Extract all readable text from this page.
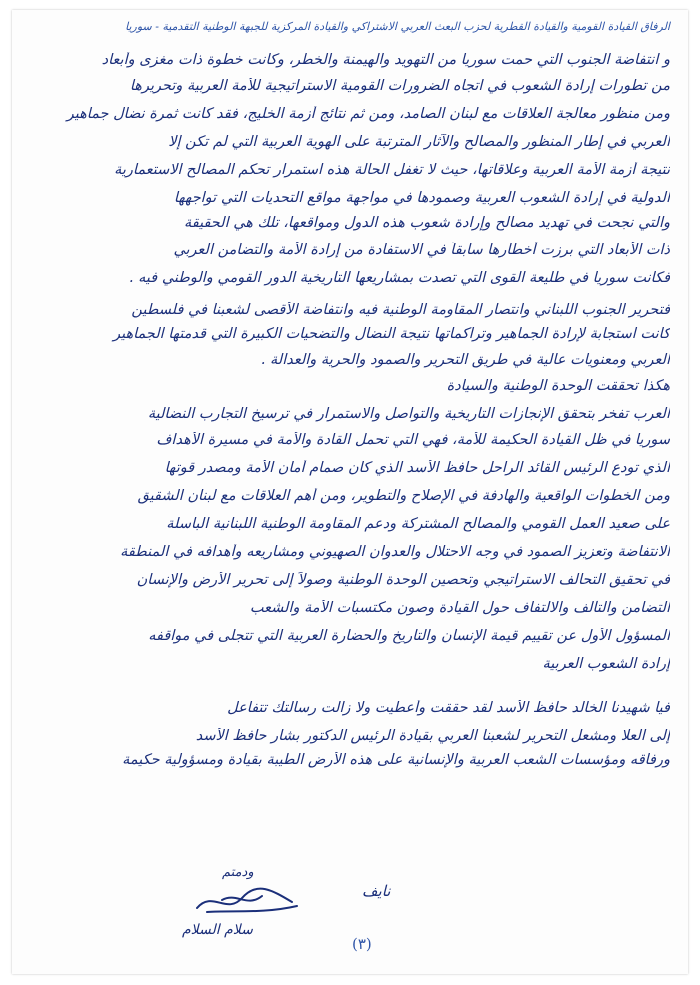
الرفاق القيادة القومية والقيادة القطرية لحزب البعث العربي الاشتراكي والقيادة المركزية للجبهة الوطنية التقدمية - سوريا
و انتفاضة الجنوب التي حمت سوريا من التهويد والهيمنة والخطر، وكانت خطوة ذات مغزى وأبعاد
من تطورات إرادة الشعوب في اتجاه الضرورات القومية الاستراتيجية للأمة العربية وتحريرها
ومن منظور معالجة العلاقات مع لبنان الصامد، ومن ثم نتائج أزمة الخليج، فقد كانت ثمرة نضال جماهير
العربي في إطار المنظور والمصالح والآثار المترتبة على الهوية العربية التي لم تكن إلا
نتيجة أزمة الأمة العربية وعلاقاتها، حيث لا تغفل الحالة هذه استمرار تحكم المصالح الاستعمارية
الدولية في إرادة الشعوب العربية وصمودها في مواجهة مواقع التحديات التي تواجهها
والتي نجحت في تهديد مصالح وإرادة شعوب هذه الدول ومواقعها، تلك هي الحقيقة
ذات الأبعاد التي برزت أخطارها سابقاً في الاستفادة من إرادة الأمة والتضامن العربي
فكانت سوريا في طليعة القوى التي تصدت بمشاريعها التاريخية الدور القومي والوطني فيه .
فتحرير الجنوب اللبناني وانتصار المقاومة الوطنية فيه وانتفاضة الأقصى لشعبنا في فلسطين
كانت استجابة لإرادة الجماهير وتراكماتها نتيجة النضال والتضحيات الكبيرة التي قدمتها الجماهير
العربي ومعنويات عالية في طريق التحرير والصمود والحرية والعدالة .
هكذا تحققت الوحدة الوطنية والسيادة
العرب تفخر بتحقق الإنجازات التاريخية والتواصل والاستمرار في ترسيخ التجارب النضالية
سوريا في ظل القيادة الحكيمة للأمة، فهي التي تحمل القادة والأمة في مسيرة الأهداف
الذي تودع الرئيس القائد الراحل حافظ الأسد الذي كان صمام أمان الأمة ومصدر قوتها
ومن الخطوات الواقعية والهادفة في الإصلاح والتطوير، ومن أهم العلاقات مع لبنان الشقيق
على صعيد العمل القومي والمصالح المشتركة ودعم المقاومة الوطنية اللبنانية الباسلة
الانتفاضة وتعزيز الصمود في وجه الاحتلال والعدوان الصهيوني ومشاريعه وأهدافه في المنطقة
في تحقيق التحالف الاستراتيجي وتحصين الوحدة الوطنية وصولاً إلى تحرير الأرض والإنسان
التضامن والتآلف والالتفاف حول القيادة وصون مكتسبات الأمة والشعب
المسؤول الأول عن تقييم قيمة الإنسان والتاريخ والحضارة العربية التي تتجلى في مواقفه
إرادة الشعوب العربية
فيا شهيدنا الخالد حافظ الأسد لقد حققت وأعطيت ولا زالت رسالتك تتفاعل
إلى العلا ومشعل التحرير لشعبنا العربي بقيادة الرئيس الدكتور بشار حافظ الأسد
ورفاقه ومؤسسات الشعب العربية والإنسانية على هذه الأرض الطيبة بقيادة ومسؤولية حكيمة
ودمتم
نايف
سلام السلام
(٣)
